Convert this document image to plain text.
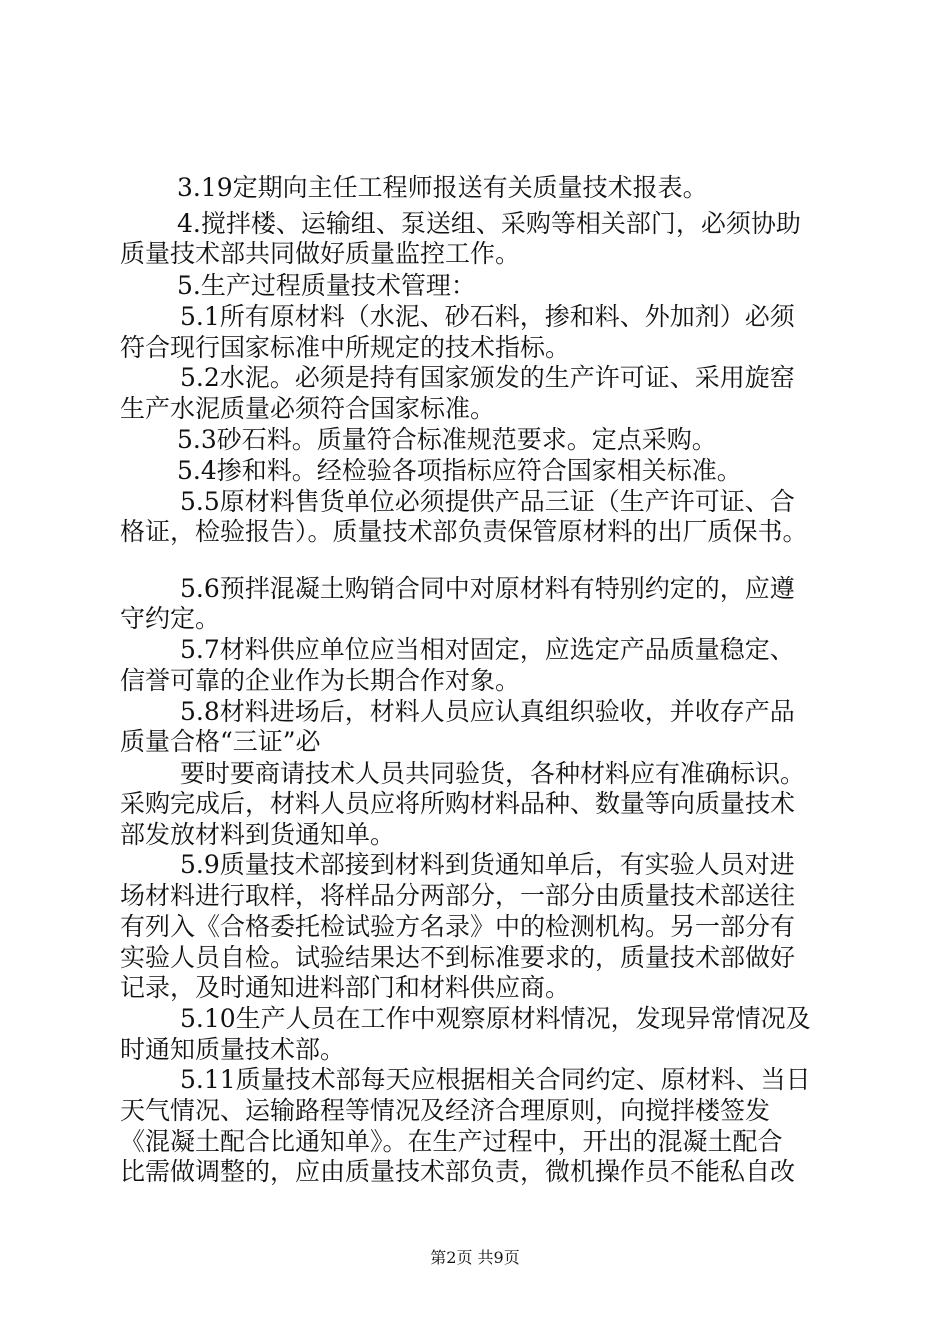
3.19定期向主任工程师报送有关质量技术报表。
4.搅拌楼、运输组、泵送组、采购等相关部门，必须协助
质量技术部共同做好质量监控工作。
5.生产过程质量技术管理：
5.1所有原材料（水泥、砂石料，掺和料、外加剂）必须
符合现行国家标准中所规定的技术指标。
5.2水泥。必须是持有国家颁发的生产许可证、采用旋窑
生产水泥质量必须符合国家标准。
5.3砂石料。质量符合标准规范要求。定点采购。
5.4掺和料。经检验各项指标应符合国家相关标准。
5.5原材料售货单位必须提供产品三证（生产许可证、合
格证，检验报告）。质量技术部负责保管原材料的出厂质保书。
5.6预拌混凝土购销合同中对原材料有特别约定的，应遵
守约定。
5.7材料供应单位应当相对固定，应选定产品质量稳定、
信誉可靠的企业作为长期合作对象。
5.8材料进场后，材料人员应认真组织验收，并收存产品
质量合格“三证”必
要时要商请技术人员共同验货，各种材料应有准确标识。
采购完成后，材料人员应将所购材料品种、数量等向质量技术
部发放材料到货通知单。
5.9质量技术部接到材料到货通知单后，有实验人员对进
场材料进行取样，将样品分两部分，一部分由质量技术部送往
有列入《合格委托检试验方名录》中的检测机构。另一部分有
实验人员自检。试验结果达不到标准要求的，质量技术部做好
记录，及时通知进料部门和材料供应商。
5.10生产人员在工作中观察原材料情况，发现异常情况及
时通知质量技术部。
5.11质量技术部每天应根据相关合同约定、原材料、当日
天气情况、运输路程等情况及经济合理原则，向搅拌楼签发
《混凝土配合比通知单》。在生产过程中，开出的混凝土配合
比需做调整的，应由质量技术部负责，微机操作员不能私自改
第2页 共9页
